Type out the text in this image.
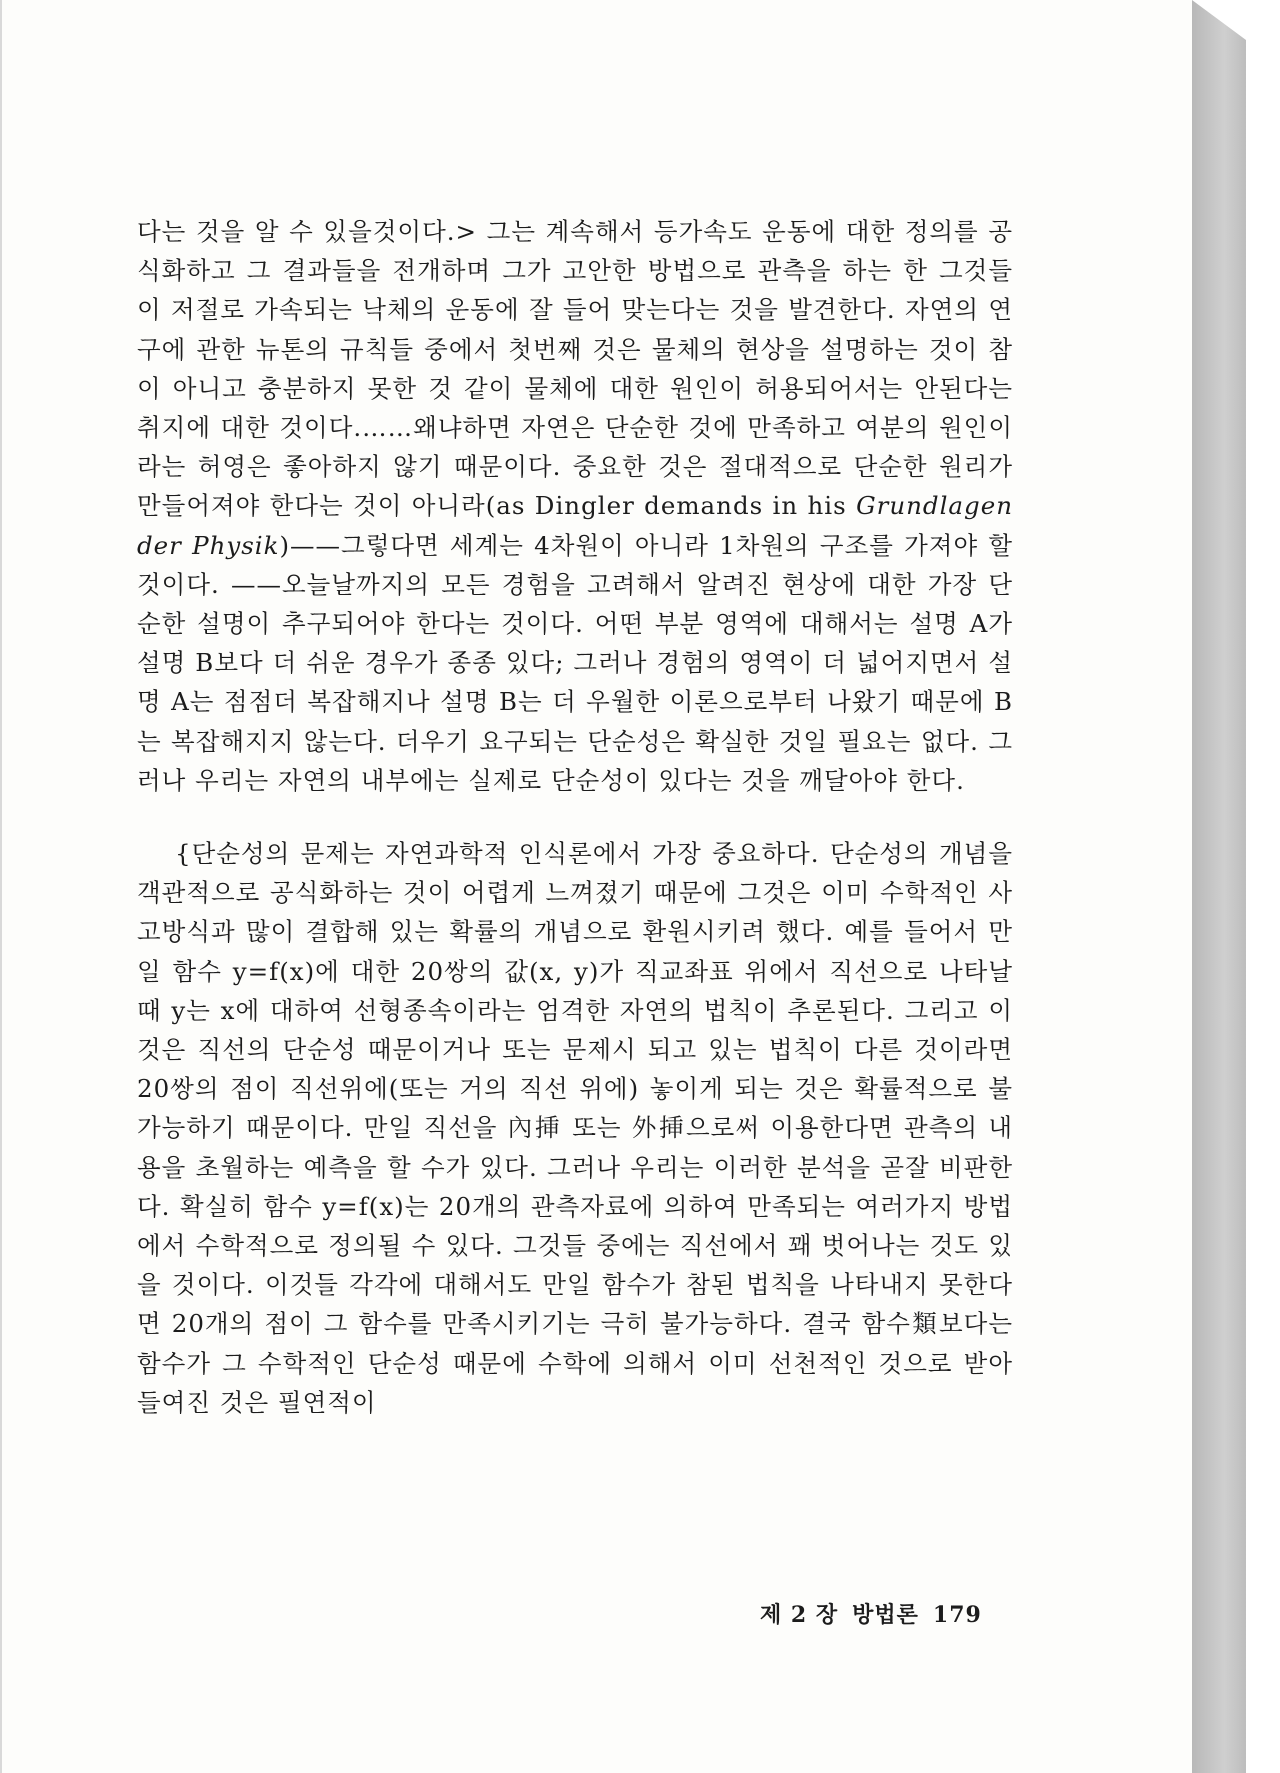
다는 것을 알 수 있을것이다.> 그는 계속해서 등가속도 운동에 대한 정의를 공식화하고 그 결과들을 전개하며 그가 고안한 방법으로 관측을 하는 한 그것들이 저절로 가속되는 낙체의 운동에 잘 들어 맞는다는 것을 발견한다. 자연의 연구에 관한 뉴톤의 규칙들 중에서 첫번째 것은 물체의 현상을 설명하는 것이 참이 아니고 충분하지 못한 것 같이 물체에 대한 원인이 허용되어서는 안된다는 취지에 대한 것이다.……왜냐하면 자연은 단순한 것에 만족하고 여분의 원인이라는 허영은 좋아하지 않기 때문이다. 중요한 것은 절대적으로 단순한 원리가 만들어져야 한다는 것이 아니라(as Dingler demands in his Grundlagen der Physik)——그렇다면 세계는 4차원이 아니라 1차원의 구조를 가져야 할 것이다. ——오늘날까지의 모든 경험을 고려해서 알려진 현상에 대한 가장 단순한 설명이 추구되어야 한다는 것이다. 어떤 부분 영역에 대해서는 설명 A가 설명 B보다 더 쉬운 경우가 종종 있다; 그러나 경험의 영역이 더 넓어지면서 설명 A는 점점더 복잡해지나 설명 B는 더 우월한 이론으로부터 나왔기 때문에 B는 복잡해지지 않는다. 더우기 요구되는 단순성은 확실한 것일 필요는 없다. 그러나 우리는 자연의 내부에는 실제로 단순성이 있다는 것을 깨달아야 한다.

{단순성의 문제는 자연과학적 인식론에서 가장 중요하다. 단순성의 개념을 객관적으로 공식화하는 것이 어렵게 느껴졌기 때문에 그것은 이미 수학적인 사고방식과 많이 결합해 있는 확률의 개념으로 환원시키려 했다. 예를 들어서 만일 함수 y=f(x)에 대한 20쌍의 값(x, y)가 직교좌표 위에서 직선으로 나타날 때 y는 x에 대하여 선형종속이라는 엄격한 자연의 법칙이 추론된다. 그리고 이것은 직선의 단순성 때문이거나 또는 문제시 되고 있는 법칙이 다른 것이라면 20쌍의 점이 직선위에(또는 거의 직선 위에) 놓이게 되는 것은 확률적으로 불가능하기 때문이다. 만일 직선을 內挿 또는 外挿으로써 이용한다면 관측의 내용을 초월하는 예측을 할 수가 있다. 그러나 우리는 이러한 분석을 곧잘 비판한다. 확실히 함수 y=f(x)는 20개의 관측자료에 의하여 만족되는 여러가지 방법에서 수학적으로 정의될 수 있다. 그것들 중에는 직선에서 꽤 벗어나는 것도 있을 것이다. 이것들 각각에 대해서도 만일 함수가 참된 법칙을 나타내지 못한다면 20개의 점이 그 함수를 만족시키기는 극히 불가능하다. 결국 함수類보다는 함수가 그 수학적인 단순성 때문에 수학에 의해서 이미 선천적인 것으로 받아들여진 것은 필연적이

제 2 장 방법론 179
